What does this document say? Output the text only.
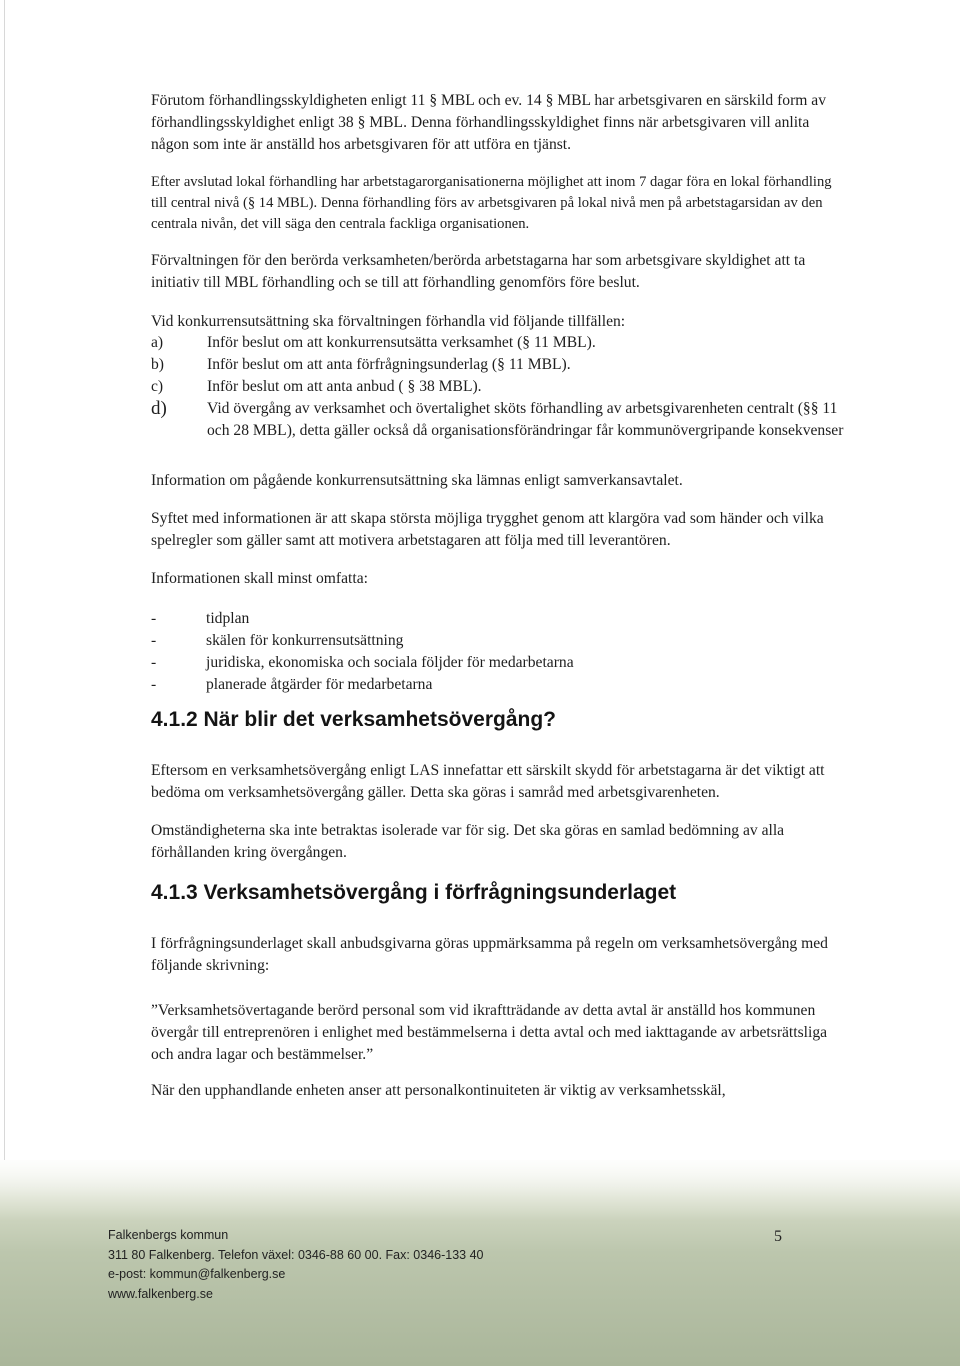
Förutom förhandlingsskyldigheten enligt 11 § MBL och ev. 14 § MBL har arbetsgivaren en särskild form av förhandlingsskyldighet enligt 38 § MBL. Denna förhandlingsskyldighet finns när arbetsgivaren vill anlita någon som inte är anställd hos arbetsgivaren för att utföra en tjänst.

Efter avslutad lokal förhandling har arbetstagarorganisationerna möjlighet att inom 7 dagar föra en lokal förhandling till central nivå (§ 14 MBL). Denna förhandling förs av arbetsgivaren på lokal nivå men på arbetstagarsidan av den centrala nivån, det vill säga den centrala fackliga organisationen.

Förvaltningen för den berörda verksamheten/berörda arbetstagarna har som arbetsgivare skyldighet att ta initiativ till MBL förhandling och se till att förhandling genomförs före beslut.

Vid konkurrensutsättning ska förvaltningen förhandla vid följande tillfällen:

a)	Inför beslut om att konkurrensutsätta verksamhet (§ 11 MBL).
b)	Inför beslut om att anta förfrågningsunderlag (§ 11 MBL).
c)	Inför beslut om att anta anbud ( § 38 MBL).
d)	Vid övergång av verksamhet och övertalighet sköts förhandling av arbetsgivarenheten centralt (§§ 11 och 28 MBL), detta gäller också då organisationsförändringar får kommunövergripande konsekvenser

Information om pågående konkurrensutsättning ska lämnas enligt samverkansavtalet.

Syftet med informationen är att skapa största möjliga trygghet genom att klargöra vad som händer och vilka spelregler som gäller samt att motivera arbetstagaren att följa med till leverantören.

Informationen skall minst omfatta:

-	tidplan
-	skälen för konkurrensutsättning
-	juridiska, ekonomiska och sociala följder för medarbetarna
-	planerade åtgärder för medarbetarna
4.1.2 När blir det verksamhetsövergång?

Eftersom en verksamhetsövergång enligt LAS innefattar ett särskilt skydd för arbetstagarna är det viktigt att bedöma om verksamhetsövergång gäller. Detta ska göras i samråd med arbetsgivarenheten.

Omständigheterna ska inte betraktas isolerade var för sig. Det ska göras en samlad bedömning av alla förhållanden kring övergången.

4.1.3 Verksamhetsövergång i förfrågningsunderlaget

I förfrågningsunderlaget skall anbudsgivarna göras uppmärksamma på regeln om verksamhetsövergång med följande skrivning:

”Verksamhetsövertagande berörd personal som vid ikraftträdande av detta avtal är anställd hos kommunen övergår till entreprenören i enlighet med bestämmelserna i detta avtal och med iakttagande av arbetsrättsliga och andra lagar och bestämmelser.”

När den upphandlande enheten anser att personalkontinuiteten är viktig av verksamhetsskäl,

Falkenbergs kommun
311 80 Falkenberg. Telefon växel: 0346-88 60 00. Fax: 0346-133 40
e-post: kommun@falkenberg.se
www.falkenberg.se
5
